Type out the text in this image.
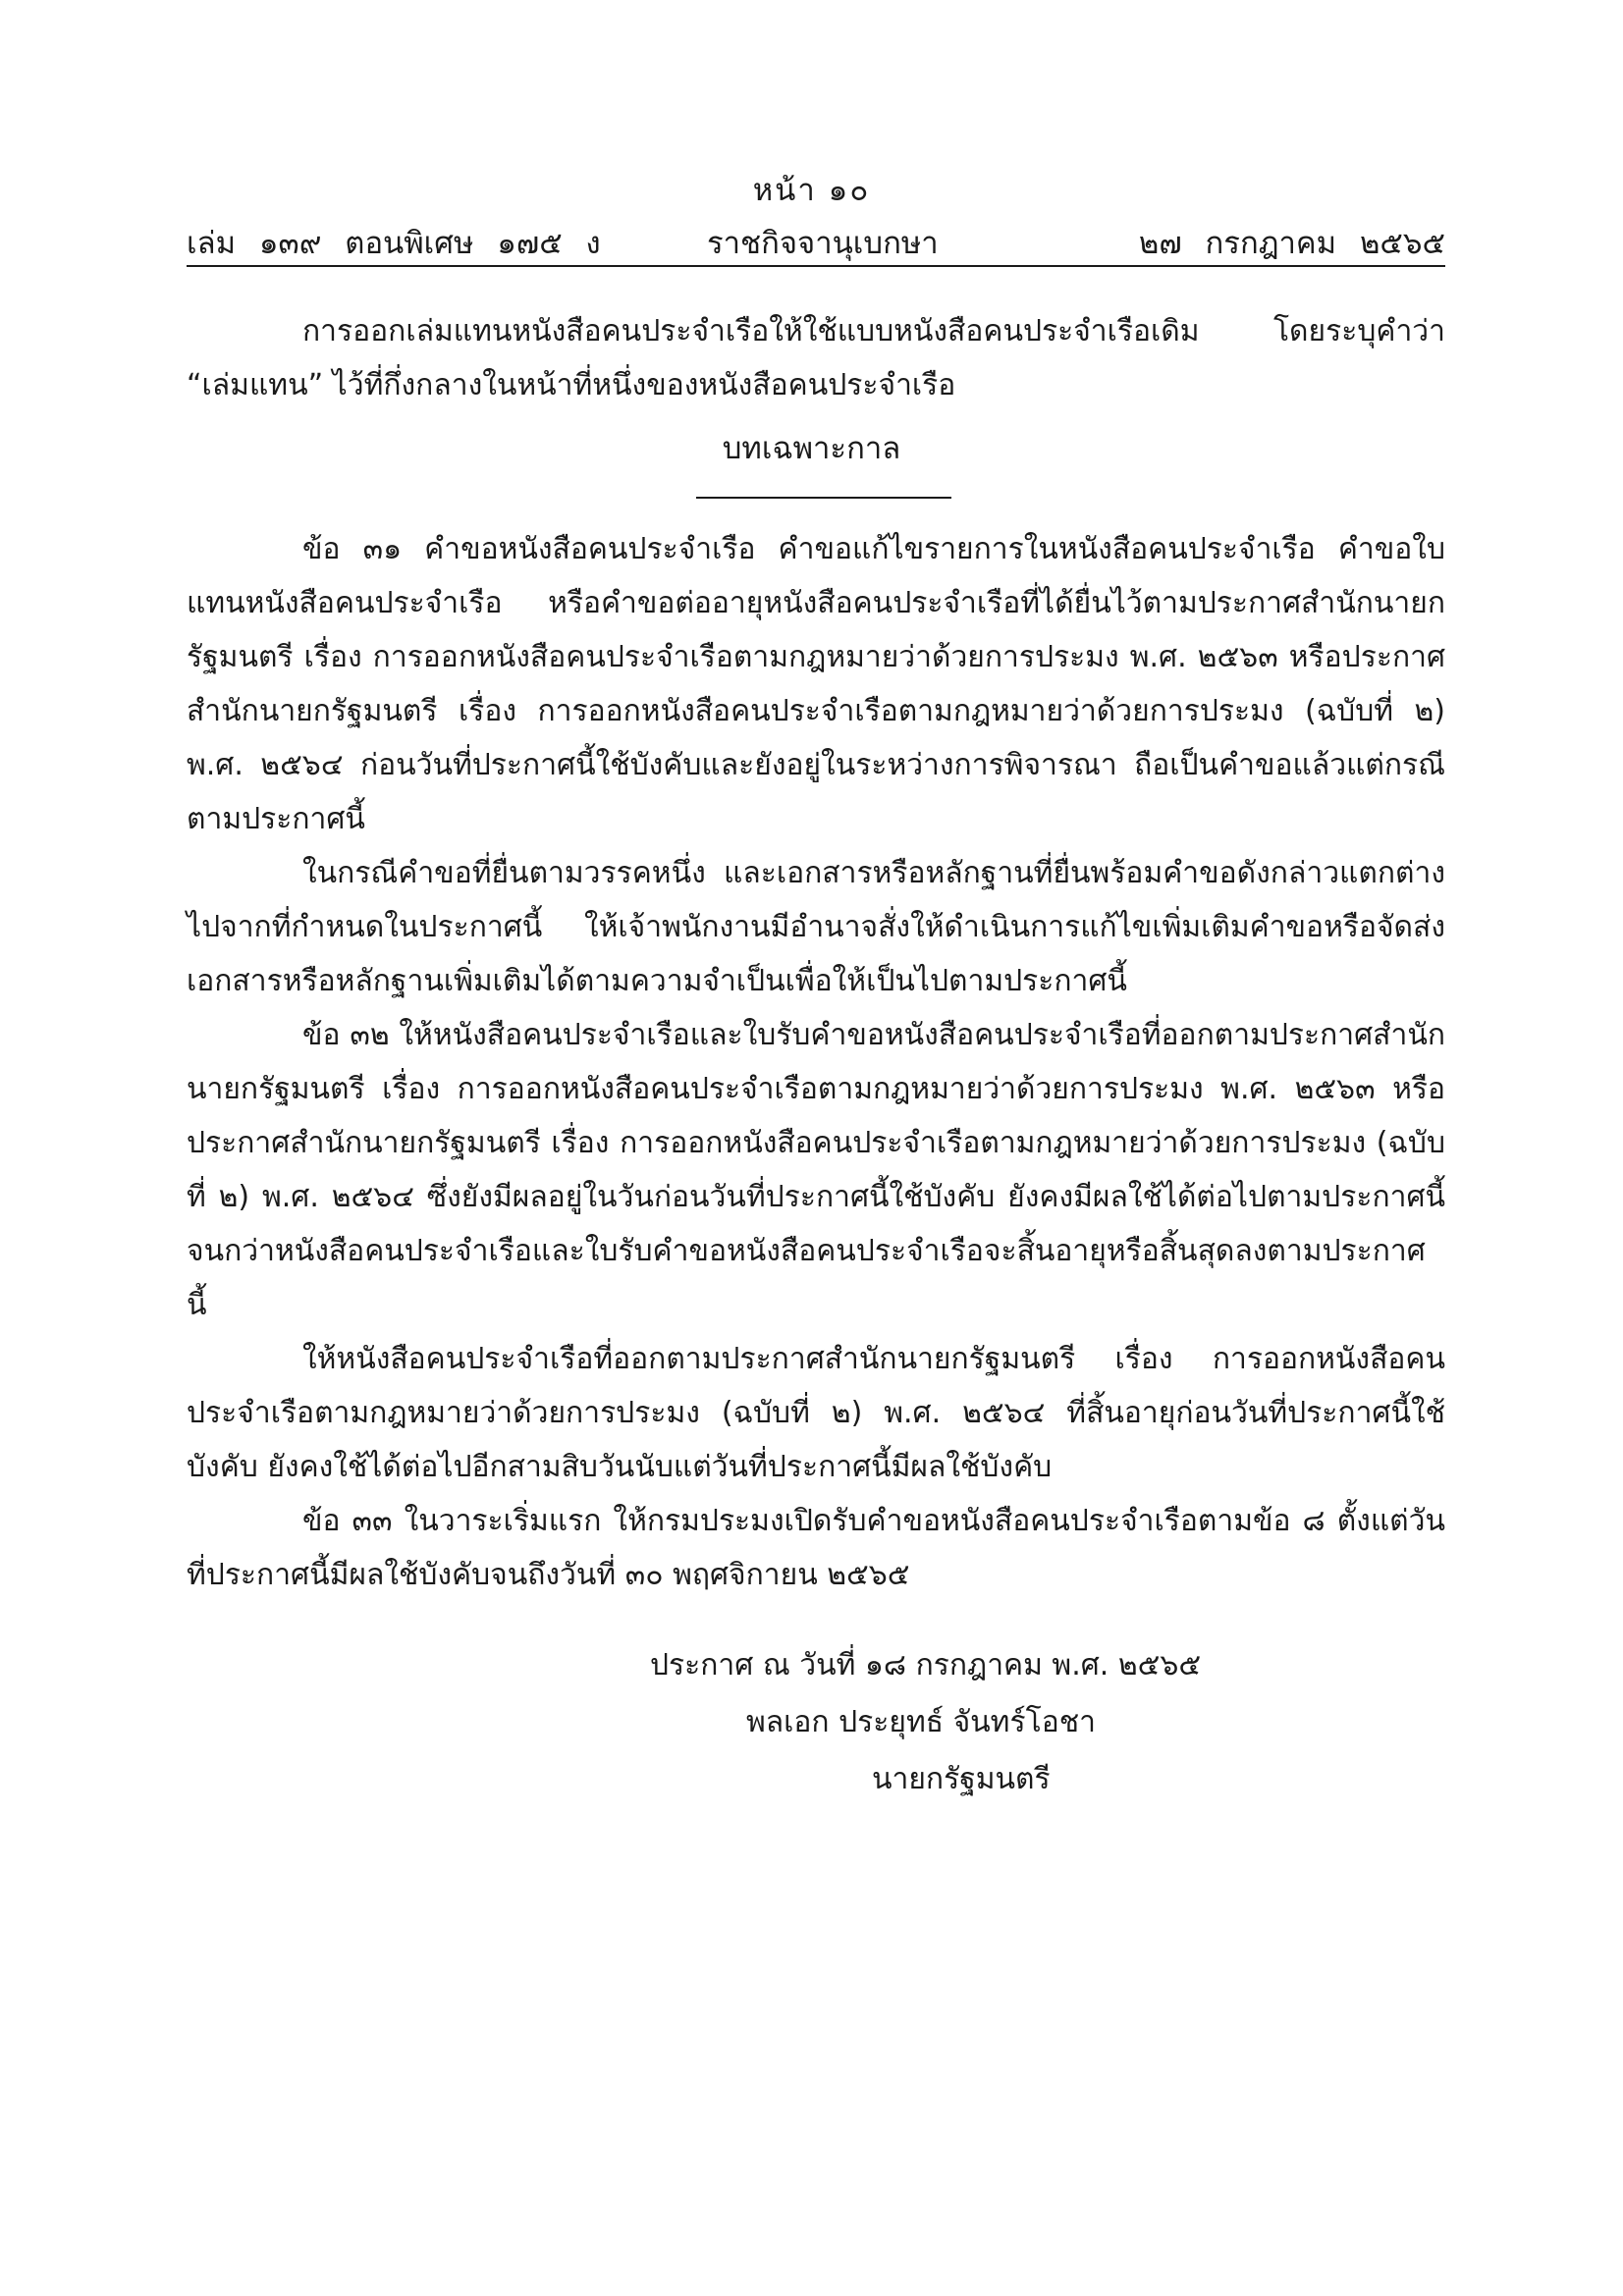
หน้า ๑๐
เล่ม ๑๓๙ ตอนพิเศษ ๑๗๕ ง	ราชกิจจานุเบกษา	๒๗ กรกฎาคม ๒๕๖๕

การออกเล่มแทนหนังสือคนประจำเรือให้ใช้แบบหนังสือคนประจำเรือเดิม โดยระบุคำว่า “เล่มแทน” ไว้ที่กึ่งกลางในหน้าที่หนึ่งของหนังสือคนประจำเรือ

บทเฉพาะกาล

ข้อ ๓๑ คำขอหนังสือคนประจำเรือ คำขอแก้ไขรายการในหนังสือคนประจำเรือ คำขอใบแทนหนังสือคนประจำเรือ หรือคำขอต่ออายุหนังสือคนประจำเรือที่ได้ยื่นไว้ตามประกาศสำนักนายกรัฐมนตรี เรื่อง การออกหนังสือคนประจำเรือตามกฎหมายว่าด้วยการประมง พ.ศ. ๒๕๖๓ หรือประกาศสำนักนายกรัฐมนตรี เรื่อง การออกหนังสือคนประจำเรือตามกฎหมายว่าด้วยการประมง (ฉบับที่ ๒) พ.ศ. ๒๕๖๔ ก่อนวันที่ประกาศนี้ใช้บังคับและยังอยู่ในระหว่างการพิจารณา ถือเป็นคำขอแล้วแต่กรณีตามประกาศนี้

ในกรณีคำขอที่ยื่นตามวรรคหนึ่ง และเอกสารหรือหลักฐานที่ยื่นพร้อมคำขอดังกล่าวแตกต่างไปจากที่กำหนดในประกาศนี้ ให้เจ้าพนักงานมีอำนาจสั่งให้ดำเนินการแก้ไขเพิ่มเติมคำขอหรือจัดส่งเอกสารหรือหลักฐานเพิ่มเติมได้ตามความจำเป็นเพื่อให้เป็นไปตามประกาศนี้

ข้อ ๓๒ ให้หนังสือคนประจำเรือและใบรับคำขอหนังสือคนประจำเรือที่ออกตามประกาศสำนักนายกรัฐมนตรี เรื่อง การออกหนังสือคนประจำเรือตามกฎหมายว่าด้วยการประมง พ.ศ. ๒๕๖๓ หรือประกาศสำนักนายกรัฐมนตรี เรื่อง การออกหนังสือคนประจำเรือตามกฎหมายว่าด้วยการประมง (ฉบับที่ ๒) พ.ศ. ๒๕๖๔ ซึ่งยังมีผลอยู่ในวันก่อนวันที่ประกาศนี้ใช้บังคับ ยังคงมีผลใช้ได้ต่อไปตามประกาศนี้จนกว่าหนังสือคนประจำเรือและใบรับคำขอหนังสือคนประจำเรือจะสิ้นอายุหรือสิ้นสุดลงตามประกาศนี้

ให้หนังสือคนประจำเรือที่ออกตามประกาศสำนักนายกรัฐมนตรี เรื่อง การออกหนังสือคนประจำเรือตามกฎหมายว่าด้วยการประมง (ฉบับที่ ๒) พ.ศ. ๒๕๖๔ ที่สิ้นอายุก่อนวันที่ประกาศนี้ใช้บังคับ ยังคงใช้ได้ต่อไปอีกสามสิบวันนับแต่วันที่ประกาศนี้มีผลใช้บังคับ

ข้อ ๓๓ ในวาระเริ่มแรก ให้กรมประมงเปิดรับคำขอหนังสือคนประจำเรือตามข้อ ๘ ตั้งแต่วันที่ประกาศนี้มีผลใช้บังคับจนถึงวันที่ ๓๐ พฤศจิกายน ๒๕๖๕

ประกาศ ณ วันที่ ๑๘ กรกฎาคม พ.ศ. ๒๕๖๕
พลเอก ประยุทธ์ จันทร์โอชา
นายกรัฐมนตรี
